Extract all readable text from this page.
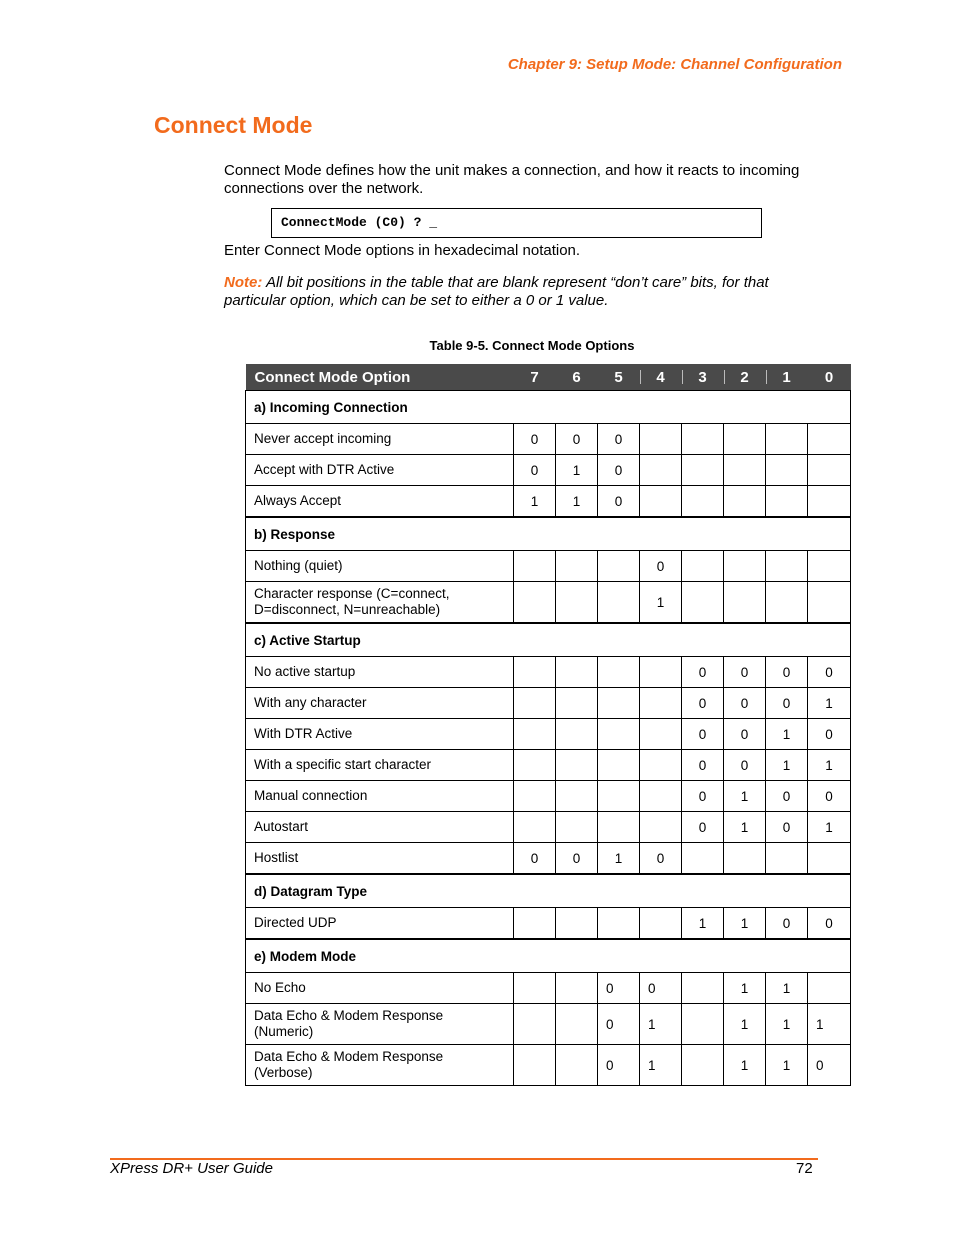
Chapter 9: Setup Mode: Channel Configuration
Connect Mode
Connect Mode defines how the unit makes a connection, and how it reacts to incoming connections over the network.
ConnectMode (C0) ? _
Enter Connect Mode options in hexadecimal notation.
Note: All bit positions in the table that are blank represent “don’t care” bits, for that particular option, which can be set to either a 0 or 1 value.
Table 9-5. Connect Mode Options
Connect Mode Option	7	6	5	4	3	2	1	0
a) Incoming Connection								
Never accept incoming	0	0	0					
Accept with DTR Active	0	1	0					
Always Accept	1	1	0					
b) Response								
Nothing (quiet)				0				
Character response (C=connect, D=disconnect, N=unreachable)				1				
c) Active Startup								
No active startup					0	0	0	0
With any character					0	0	0	1
With DTR Active					0	0	1	0
With a specific start character					0	0	1	1
Manual connection					0	1	0	0
Autostart					0	1	0	1
Hostlist	0	0	1	0				
d) Datagram Type								
Directed UDP					1	1	0	0
e) Modem Mode								
No Echo			0	0		1	1	
Data Echo & Modem Response (Numeric)			0	1		1	1	1
Data Echo & Modem Response (Verbose)			0	1		1	1	0
XPress DR+ User Guide	72
